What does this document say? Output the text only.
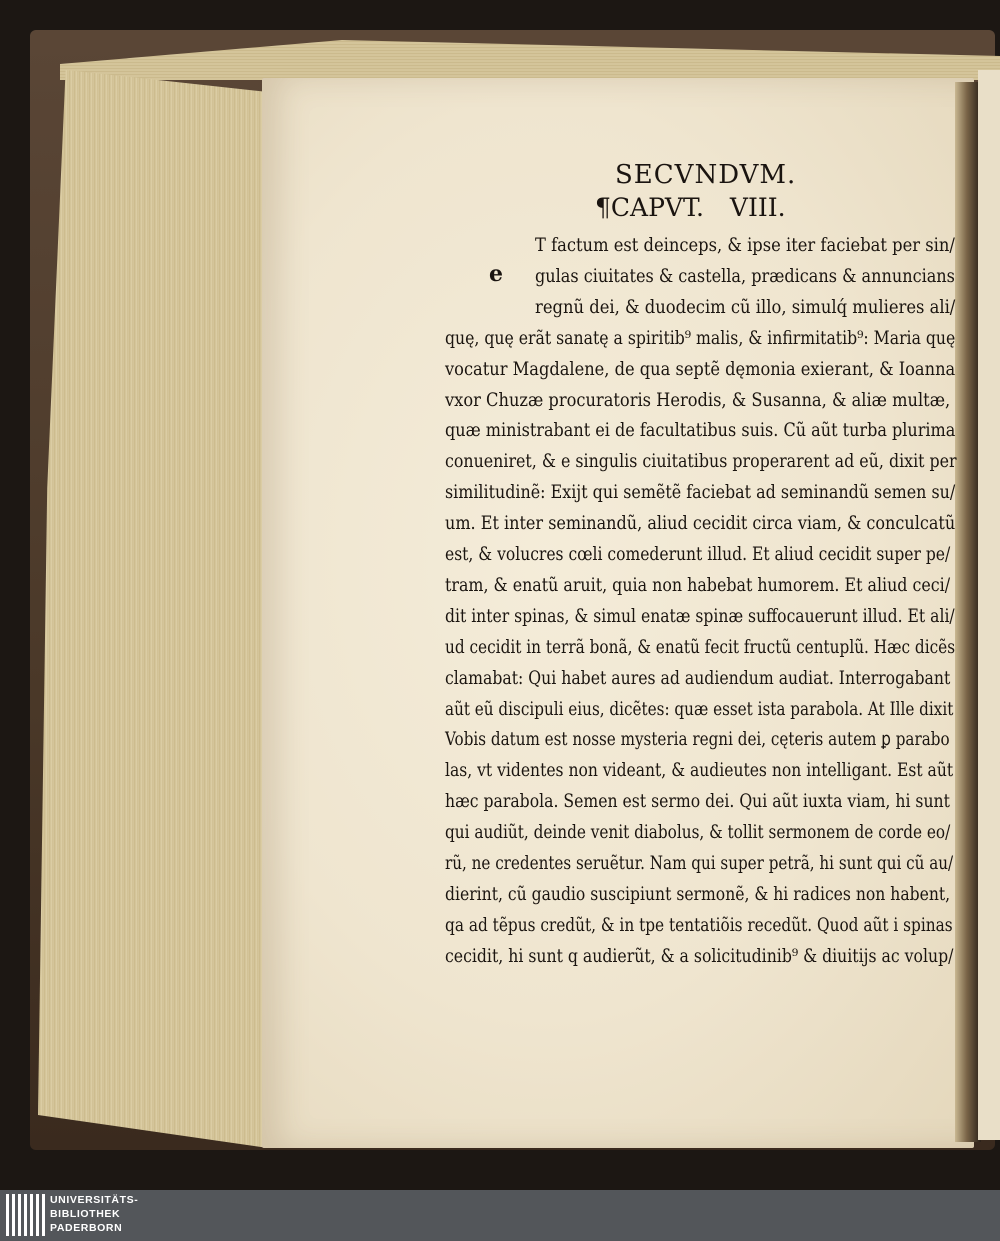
SECVNDVM.
¶CAPVT. VIII.
e
T factum est deinceps, & ipse iter faciebat per sin/
gulas ciuitates & castella, prædicans & annuncians
regnũ dei, & duodecim cũ illo, simulq́ mulieres ali/
quę, quę erãt sanatę a spiritib⁹ malis, & infirmitatib⁹: Maria quę
vocatur Magdalene, de qua septẽ dęmonia exierant, & Ioanna
vxor Chuzæ procuratoris Herodis, & Susanna, & aliæ multæ,
quæ ministrabant ei de facultatibus suis. Cũ aũt turba plurima
conueniret, & e singulis ciuitatibus properarent ad eũ, dixit per
similitudinẽ: Exijt qui semẽtẽ faciebat ad seminandũ semen su/
um. Et inter seminandũ, aliud cecidit circa viam, & conculcatũ
est, & volucres cœli comederunt illud. Et aliud cecidit super pe/
tram, & enatũ aruit, quia non habebat humorem. Et aliud ceci/
dit inter spinas, & simul enatæ spinæ suffocauerunt illud. Et ali/
ud cecidit in terrã bonã, & enatũ fecit fructũ centuplũ. Hæc dicẽs
clamabat: Qui habet aures ad audiendum audiat. Interrogabant
aũt eũ discipuli eius, dicẽtes: quæ esset ista parabola. At Ille dixit
Vobis datum est nosse mysteria regni dei, cęteris autem ꝑ parabo
las, vt videntes non videant, & audieutes non intelligant. Est aũt
hæc parabola. Semen est sermo dei. Qui aũt iuxta viam, hi sunt
qui audiũt, deinde venit diabolus, & tollit sermonem de corde eo/
rũ, ne credentes seruẽtur. Nam qui super petrã, hi sunt qui cũ au/
dierint, cũ gaudio suscipiunt sermonẽ, & hi radices non habent,
qa ad tẽpus credũt, & in tpe tentatiõis recedũt. Quod aũt i spinas
cecidit, hi sunt q audierũt, & a solicitudinib⁹ & diuitijs ac volup/
UNIVERSITÄTS-
BIBLIOTHEK
PADERBORN
